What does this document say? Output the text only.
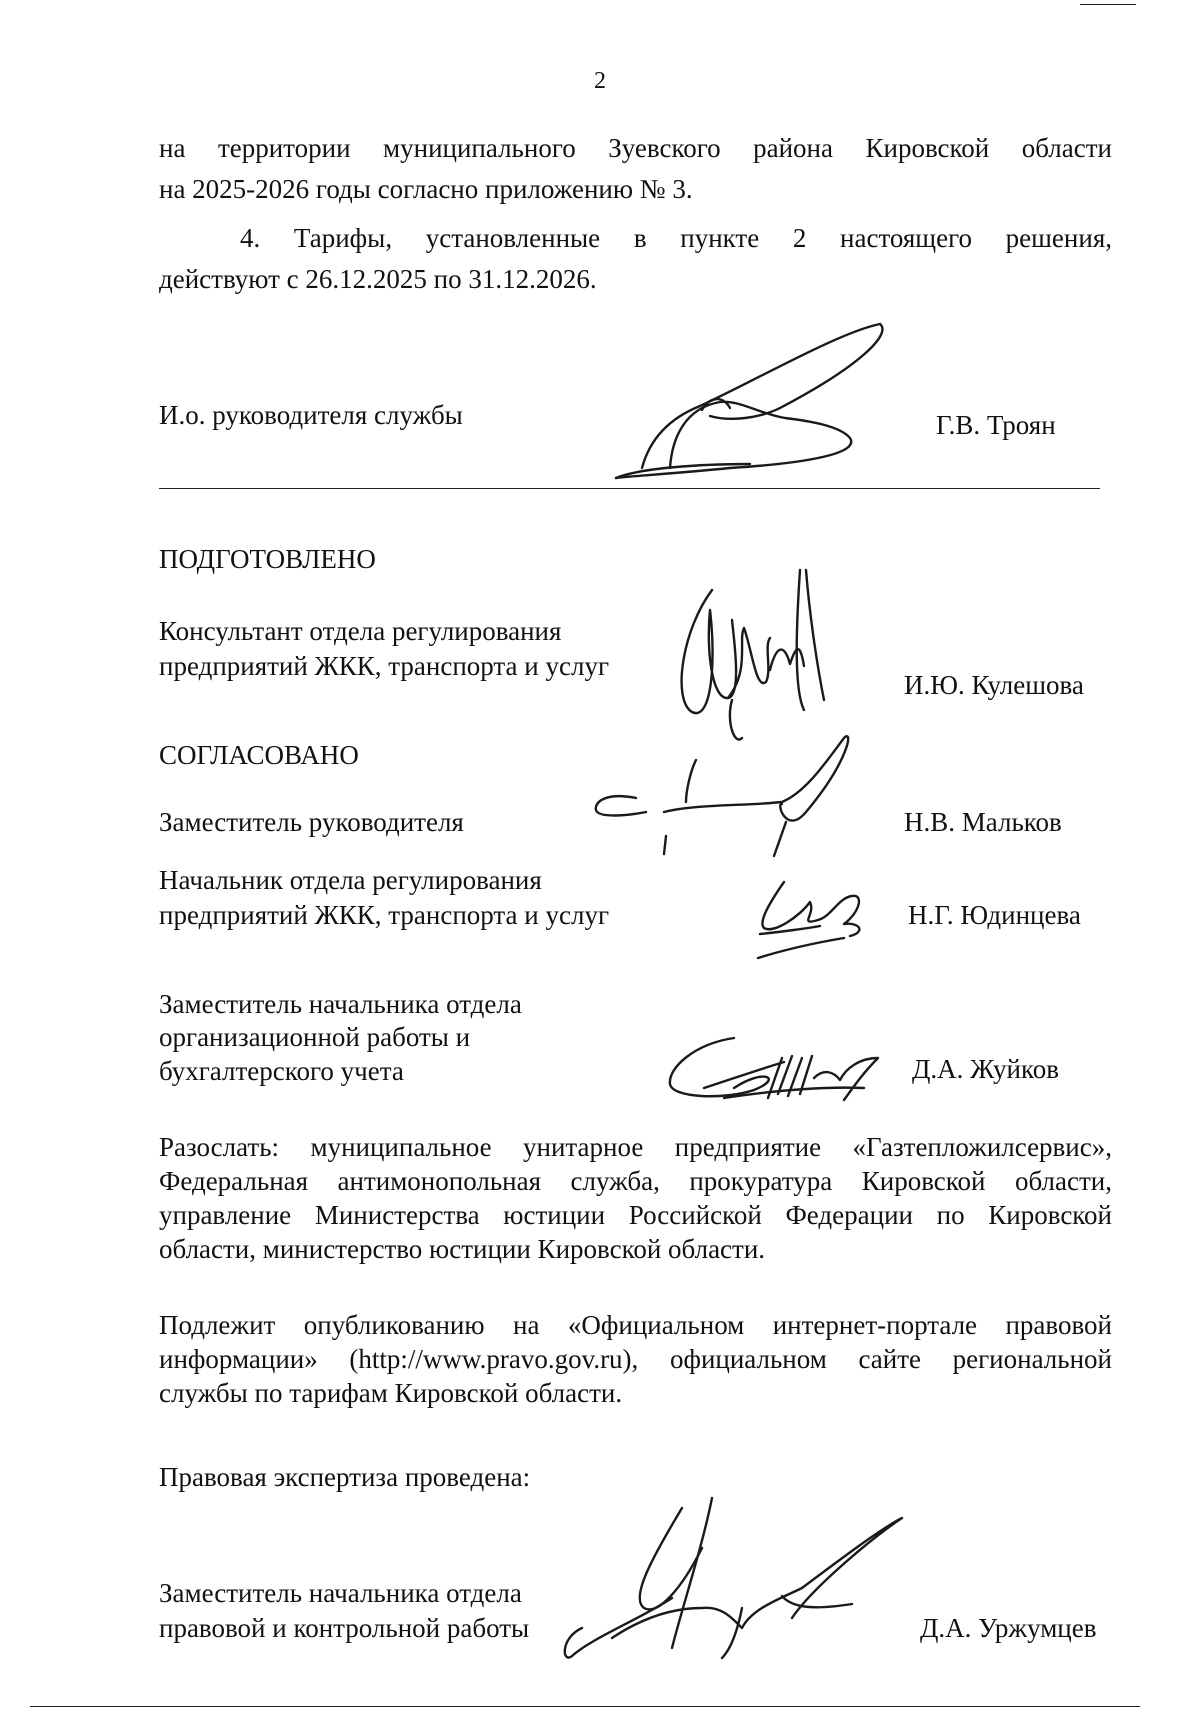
2
на территории муниципального Зуевского района Кировской области
на 2025-2026 годы согласно приложению № 3.
4. Тарифы, установленные в пункте 2 настоящего решения,
действуют с 26.12.2025 по 31.12.2026.
И.о. руководителя службы	Г.В. Троян
ПОДГОТОВЛЕНО
Консультант отдела регулирования
предприятий ЖКК, транспорта и услуг
И.Ю. Кулешова
СОГЛАСОВАНО
Заместитель руководителя	Н.В. Мальков
Начальник отдела регулирования
предприятий ЖКК, транспорта и услуг	Н.Г. Юдинцева
Заместитель начальника отдела
организационной работы и
бухгалтерского учета	Д.А. Жуйков
Разослать: муниципальное унитарное предприятие «Газтепложилсервис»,
Федеральная антимонопольная служба, прокуратура Кировской области,
управление Министерства юстиции Российской Федерации по Кировской
области, министерство юстиции Кировской области.
Подлежит опубликованию на «Официальном интернет-портале правовой
информации» (http://www.pravo.gov.ru), официальном сайте региональной
службы по тарифам Кировской области.
Правовая экспертиза проведена:
Заместитель начальника отдела
правовой и контрольной работы	Д.А. Уржумцев
